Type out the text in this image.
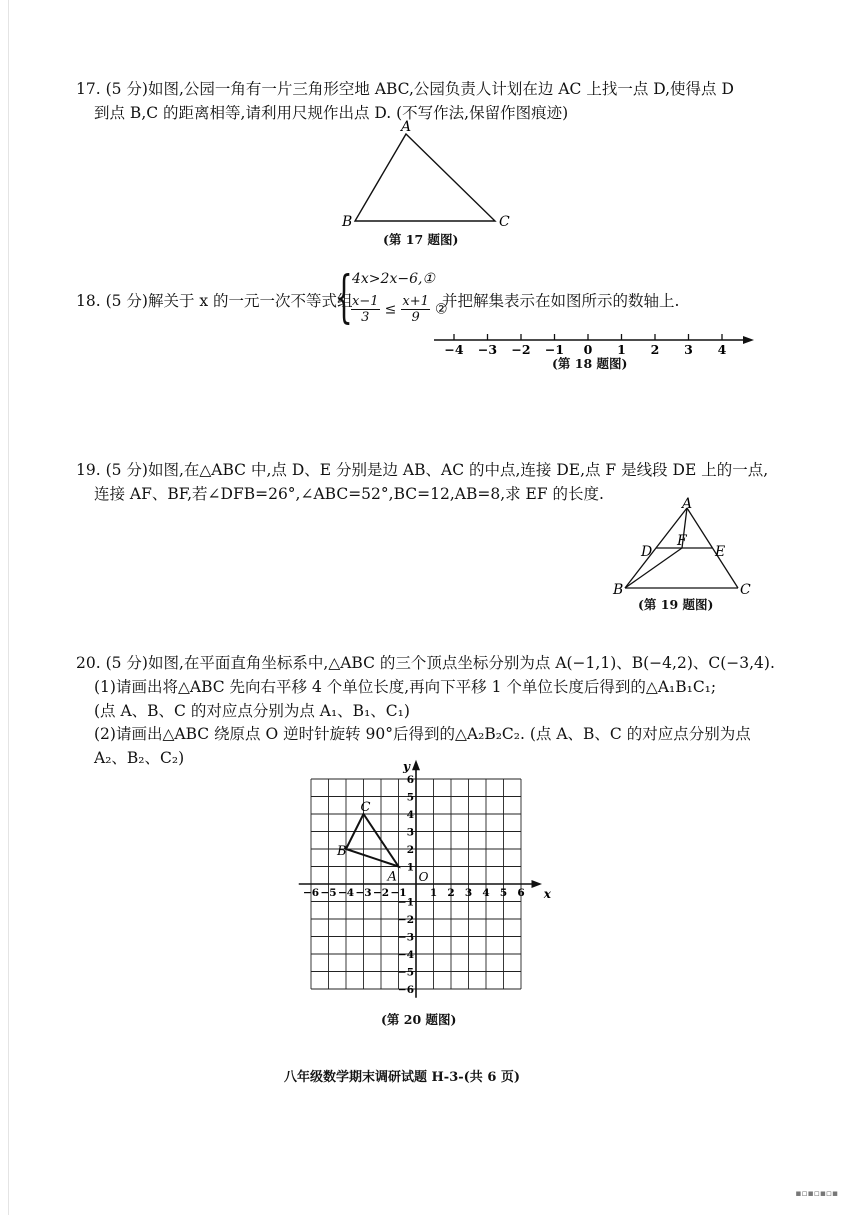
17. (5 分)如图,公园一角有一片三角形空地 ABC,公园负责人计划在边 AC 上找一点 D,使得点 D
到点 B,C 的距离相等,请利用尺规作出点 D. (不写作法,保留作图痕迹)
A
B	C
(第 17 题图)
18. (5 分)解关于 x 的一元一次不等式组
{ 4x>2x−6,①
$\frac{x-1}{3} \le \frac{x+1}{9}$ ②
并把解集表示在如图所示的数轴上.
−4 −3 −2 −1 0 1 2 3 4
(第 18 题图)
19. (5 分)如图,在△ABC 中,点 D、E 分别是边 AB、AC 的中点,连接 DE,点 F 是线段 DE 上的一点,
连接 AF、BF,若∠DFB=26°,∠ABC=52°,BC=12,AB=8,求 EF 的长度.
A
B	C
D	E
F
(第 19 题图)
20. (5 分)如图,在平面直角坐标系中,△ABC 的三个顶点坐标分别为点 A(−1,1)、B(−4,2)、C(−3,4).
(1)请画出将△ABC 先向右平移 4 个单位长度,再向下平移 1 个单位长度后得到的△A₁B₁C₁;
(点 A、B、C 的对应点分别为点 A₁、B₁、C₁)
(2)请画出△ABC 绕原点 O 逆时针旋转 90°后得到的△A₂B₂C₂. (点 A、B、C 的对应点分别为点
A₂、B₂、C₂)
x
y
O
−6 −5 −4 −3 −2 −1 1 2 3 4 5 6
6
5
4
3
2
1
−1
−2
−3
−4
−5
−6
A
B
C
(第 20 题图)
八年级数学期末调研试题 H-3-(共 6 页)
▪▫▪▫▪▫▪
